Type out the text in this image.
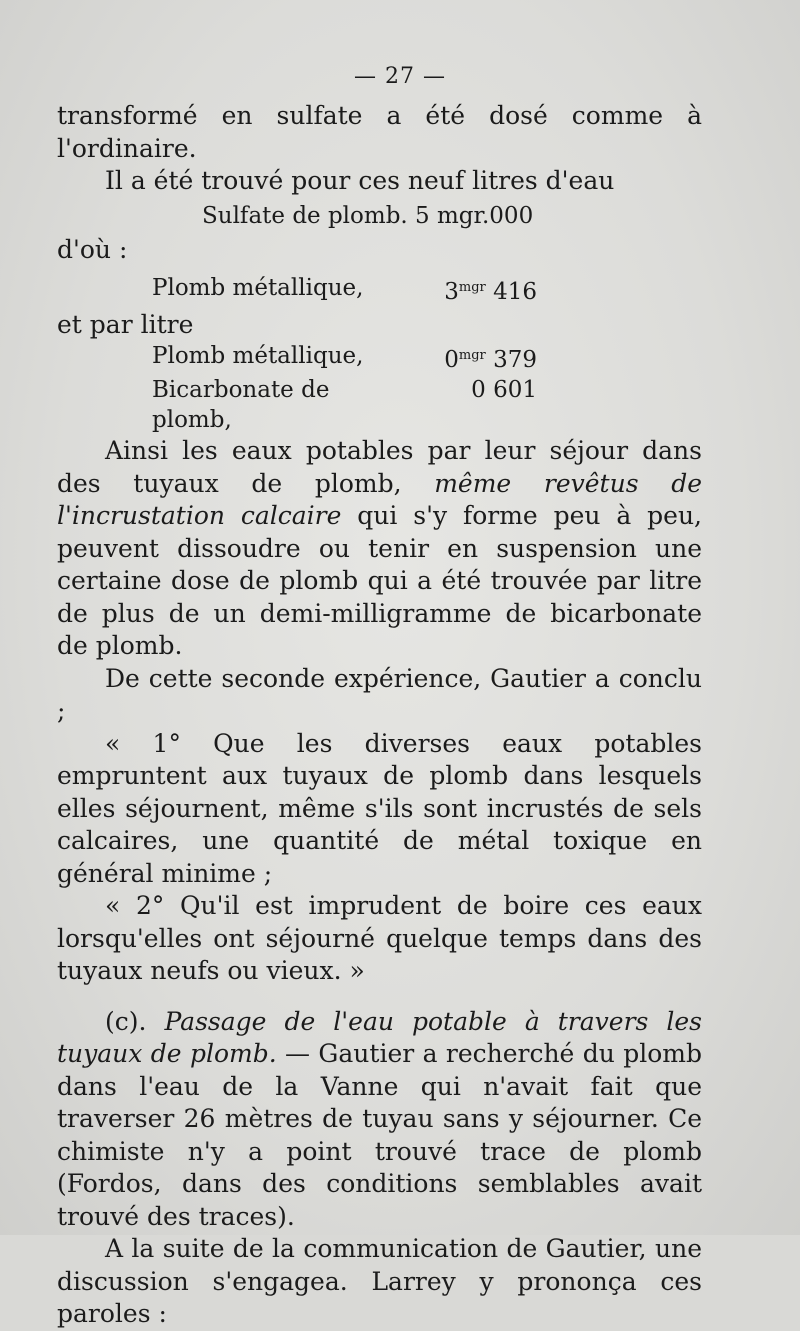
— 27 —

transformé en sulfate a été dosé comme à l'ordinaire.

Il a été trouvé pour ces neuf litres d'eau

Sulfate de plomb. 5 mgr.000

d'où :

Plomb métallique,	$3^{mgr}$ 416

et par litre

Plomb métallique,	$0^{mgr}$ 379
Bicarbonate de plomb,
0 601

Ainsi les eaux potables par leur séjour dans des tuyaux de plomb, même revêtus de l'incrustation calcaire qui s'y forme peu à peu, peuvent dissoudre ou tenir en suspension une certaine dose de plomb qui a été trouvée par litre de plus de un demi-milligramme de bicarbonate de plomb.

De cette seconde expérience, Gautier a conclu ;

« 1° Que les diverses eaux potables empruntent aux tuyaux de plomb dans lesquels elles séjournent, même s'ils sont incrustés de sels calcaires, une quantité de métal toxique en général minime ;

« 2° Qu'il est imprudent de boire ces eaux lorsqu'elles ont séjourné quelque temps dans des tuyaux neufs ou vieux. »

(c). Passage de l'eau potable à travers les tuyaux de plomb. — Gautier a recherché du plomb dans l'eau de la Vanne qui n'avait fait que traverser 26 mètres de tuyau sans y séjourner. Ce chimiste n'y a point trouvé trace de plomb (Fordos, dans des conditions semblables avait trouvé des traces).

A la suite de la communication de Gautier, une discussion s'engagea. Larrey y prononça ces paroles :
